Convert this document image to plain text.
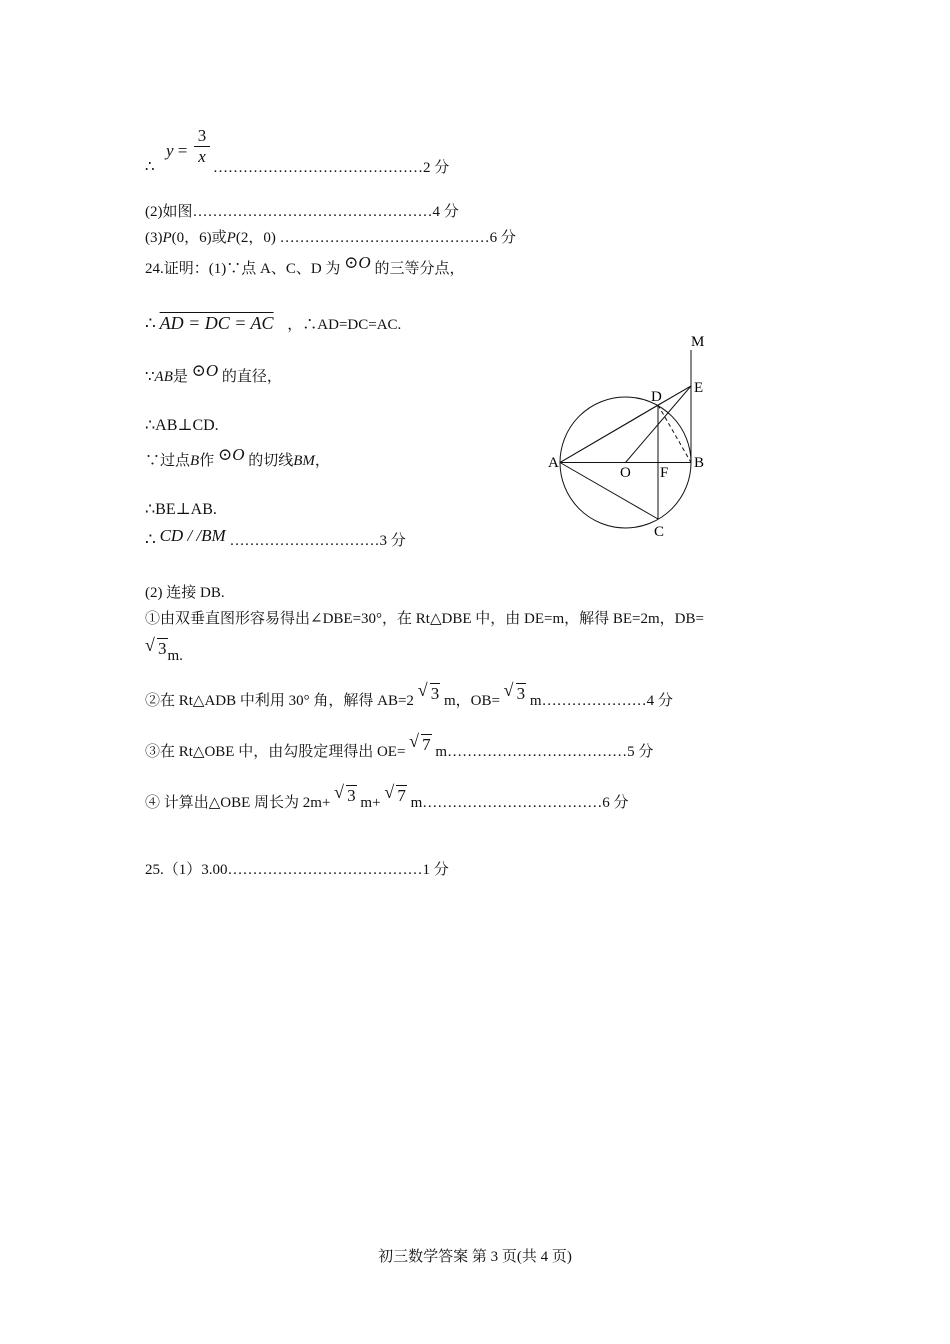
∴
y =
3
x
……………………………………2 分
(2)如图…………………………………………4 分
(3)P(0，6)或P(2，0) ……………………………………6 分
24.证明：(1)∵点 A、C、D 为 ⊙O 的三等分点，
∴ AD = DC = AC ，∴AD=DC=AC.
∵AB是 ⊙O 的直径，
∴AB⊥CD.
∵过点B作 ⊙O 的切线BM，
∴BE⊥AB.
∴ CD / /BM …………………………3 分
(2) 连接 DB.
①由双垂直图形容易得出∠DBE=30°，在 Rt△DBE 中，由 DE=m，解得 BE=2m，DB=
√ 3m.
②在 Rt△ADB 中利用 30° 角，解得 AB=2
√ 3 m，OB=
√ 3 m…………………4 分
③在 Rt△OBE 中，由勾股定理得出 OE=
√ 7 m………………………………5 分
④ 计算出△OBE 周长为 2m+
√ 3 m+
√ 7 m………………………………6 分
25.（1）3.00…………………………………1 分
M
E
D
A
O F
B
C
初三数学答案 第 3 页(共 4 页)
